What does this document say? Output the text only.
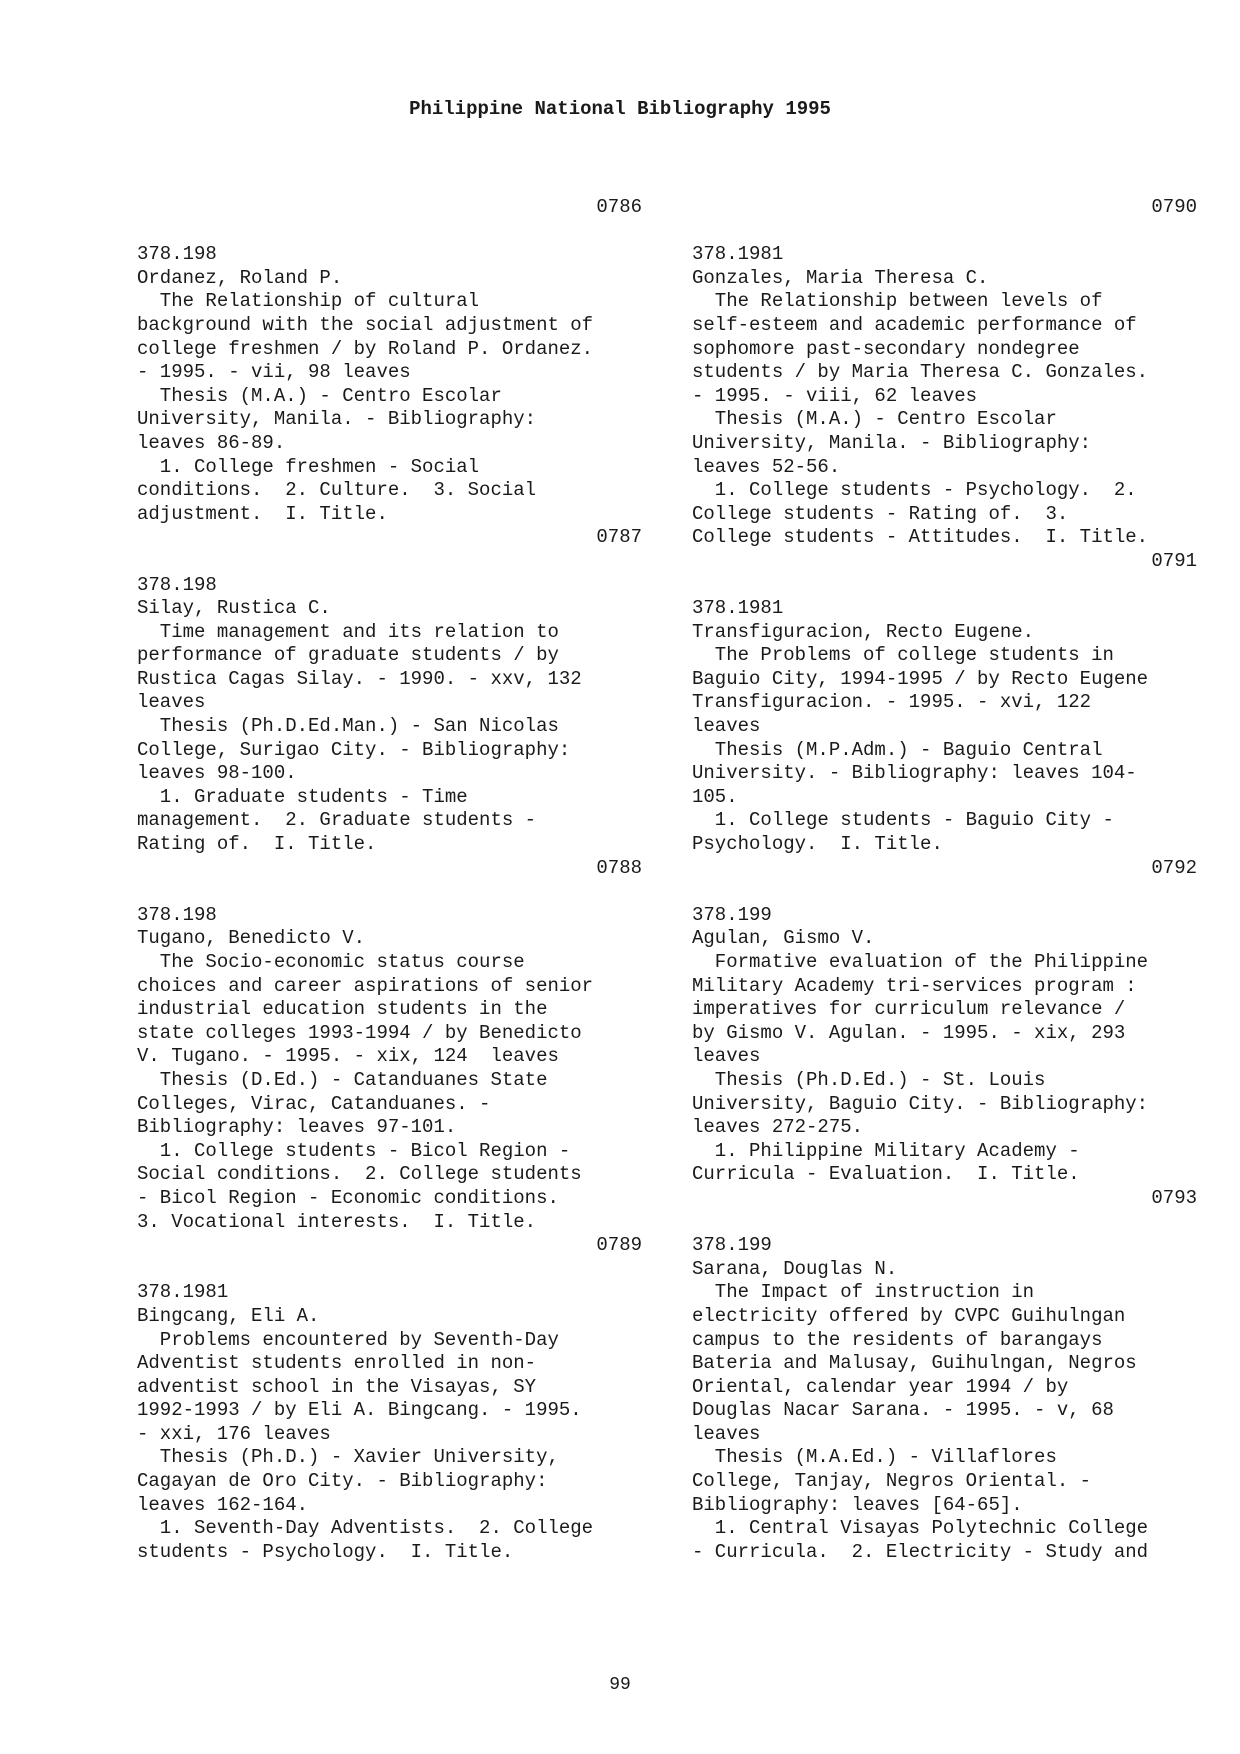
Philippine National Bibliography 1995
0786
378.198
Ordanez, Roland P.
The Relationship of cultural
background with the social adjustment of
college freshmen / by Roland P. Ordanez.
- 1995. - vii, 98 leaves
Thesis (M.A.) - Centro Escolar
University, Manila. - Bibliography:
leaves 86-89.
1. College freshmen - Social
conditions.  2. Culture.  3. Social
adjustment.  I. Title.
0787
378.198
Silay, Rustica C.
Time management and its relation to
performance of graduate students / by
Rustica Cagas Silay. - 1990. - xxv, 132
leaves
Thesis (Ph.D.Ed.Man.) - San Nicolas
College, Surigao City. - Bibliography:
leaves 98-100.
1. Graduate students - Time
management.  2. Graduate students -
Rating of.  I. Title.
0788
378.198
Tugano, Benedicto V.
The Socio-economic status course
choices and career aspirations of senior
industrial education students in the
state colleges 1993-1994 / by Benedicto
V. Tugano. - 1995. - xix, 124  leaves
Thesis (D.Ed.) - Catanduanes State
Colleges, Virac, Catanduanes. -
Bibliography: leaves 97-101.
1. College students - Bicol Region -
Social conditions.  2. College students
- Bicol Region - Economic conditions.
3. Vocational interests.  I. Title.
0789
378.1981
Bingcang, Eli A.
Problems encountered by Seventh-Day
Adventist students enrolled in non-
adventist school in the Visayas, SY
1992-1993 / by Eli A. Bingcang. - 1995.
- xxi, 176 leaves
Thesis (Ph.D.) - Xavier University,
Cagayan de Oro City. - Bibliography:
leaves 162-164.
1. Seventh-Day Adventists.  2. College
students - Psychology.  I. Title.
0790
378.1981
Gonzales, Maria Theresa C.
The Relationship between levels of
self-esteem and academic performance of
sophomore past-secondary nondegree
students / by Maria Theresa C. Gonzales.
- 1995. - viii, 62 leaves
Thesis (M.A.) - Centro Escolar
University, Manila. - Bibliography:
leaves 52-56.
1. College students - Psychology.  2.
College students - Rating of.  3.
College students - Attitudes.  I. Title.
0791
378.1981
Transfiguracion, Recto Eugene.
The Problems of college students in
Baguio City, 1994-1995 / by Recto Eugene
Transfiguracion. - 1995. - xvi, 122
leaves
Thesis (M.P.Adm.) - Baguio Central
University. - Bibliography: leaves 104-
105.
1. College students - Baguio City -
Psychology.  I. Title.
0792
378.199
Agulan, Gismo V.
Formative evaluation of the Philippine
Military Academy tri-services program :
imperatives for curriculum relevance /
by Gismo V. Agulan. - 1995. - xix, 293
leaves
Thesis (Ph.D.Ed.) - St. Louis
University, Baguio City. - Bibliography:
leaves 272-275.
1. Philippine Military Academy -
Curricula - Evaluation.  I. Title.
0793
378.199
Sarana, Douglas N.
The Impact of instruction in
electricity offered by CVPC Guihulngan
campus to the residents of barangays
Bateria and Malusay, Guihulngan, Negros
Oriental, calendar year 1994 / by
Douglas Nacar Sarana. - 1995. - v, 68
leaves
Thesis (M.A.Ed.) - Villaflores
College, Tanjay, Negros Oriental. -
Bibliography: leaves [64-65].
1. Central Visayas Polytechnic College
- Curricula.  2. Electricity - Study and
99
